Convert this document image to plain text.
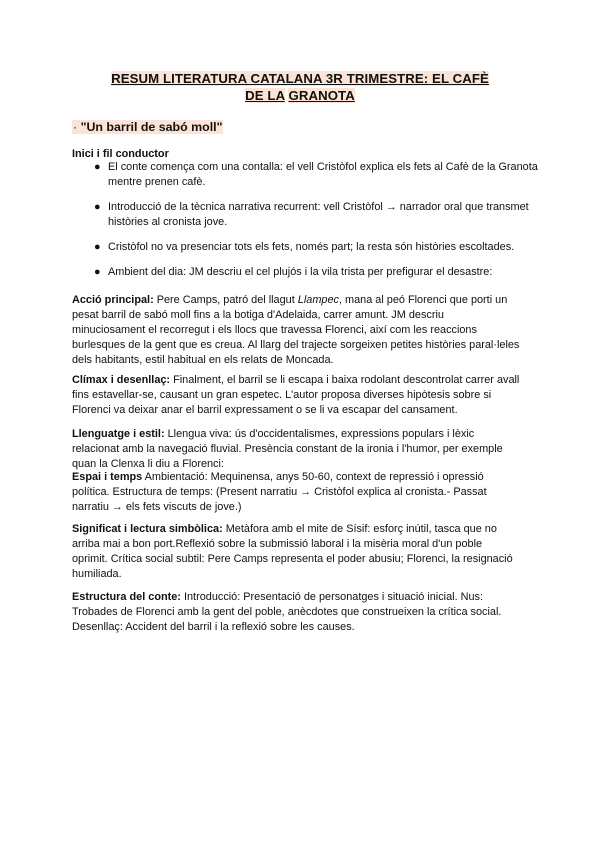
RESUM LITERATURA CATALANA 3R TRIMESTRE: EL CAFÈ
DE LA GRANOTA
· "Un barril de sabó moll"
Inici i fil conductor
● El conte comença com una contalla: el vell Cristòfol explica els fets al Cafè de la Granota mentre prenen cafè.
● Introducció de la tècnica narrativa recurrent: vell Cristòfol → narrador oral que transmet històries al cronista jove.
● Cristòfol no va presenciar tots els fets, només part; la resta són històries escoltades.
● Ambient del dia: JM descriu el cel plujós i la vila trista per prefigurar el desastre:
Acció principal: Pere Camps, patró del llagut Llampec, mana al peó Florenci que porti un pesat barril de sabó moll fins a la botiga d'Adelaida, carrer amunt. JM descriu minuciosament el recorregut i els llocs que travessa Florenci, així com les reaccions burlesques de la gent que es creua. Al llarg del trajecte sorgeixen petites històries paral·leles dels habitants, estil habitual en els relats de Moncada.
Clímax i desenllaç: Finalment, el barril se li escapa i baixa rodolant descontrolat carrer avall fins estavellar-se, causant un gran espetec. L'autor proposa diverses hipòtesis sobre si Florenci va deixar anar el barril expressament o se li va escapar del cansament.
Llenguatge i estil: Llengua viva: ús d'occidentalismes, expressions populars i lèxic relacionat amb la navegació fluvial. Presència constant de la ironia i l'humor, per exemple quan la Clenxa li diu a Florenci:
Espai i temps Ambientació: Mequinensa, anys 50-60, context de repressió i opressió política. Estructura de temps: (Present narratiu → Cristòfol explica al cronista.- Passat narratiu → els fets viscuts de jove.)
Significat i lectura simbòlica: Metàfora amb el mite de Sísif: esforç inútil, tasca que no arriba mai a bon port.Reflexió sobre la submissió laboral i la misèria moral d'un poble oprimit. Crítica social subtil: Pere Camps representa el poder abusiu; Florenci, la resignació humiliada.
Estructura del conte: Introducció: Presentació de personatges i situació inicial. Nus: Trobades de Florenci amb la gent del poble, anècdotes que construeixen la crítica social. Desenllaç: Accident del barril i la reflexió sobre les causes.
